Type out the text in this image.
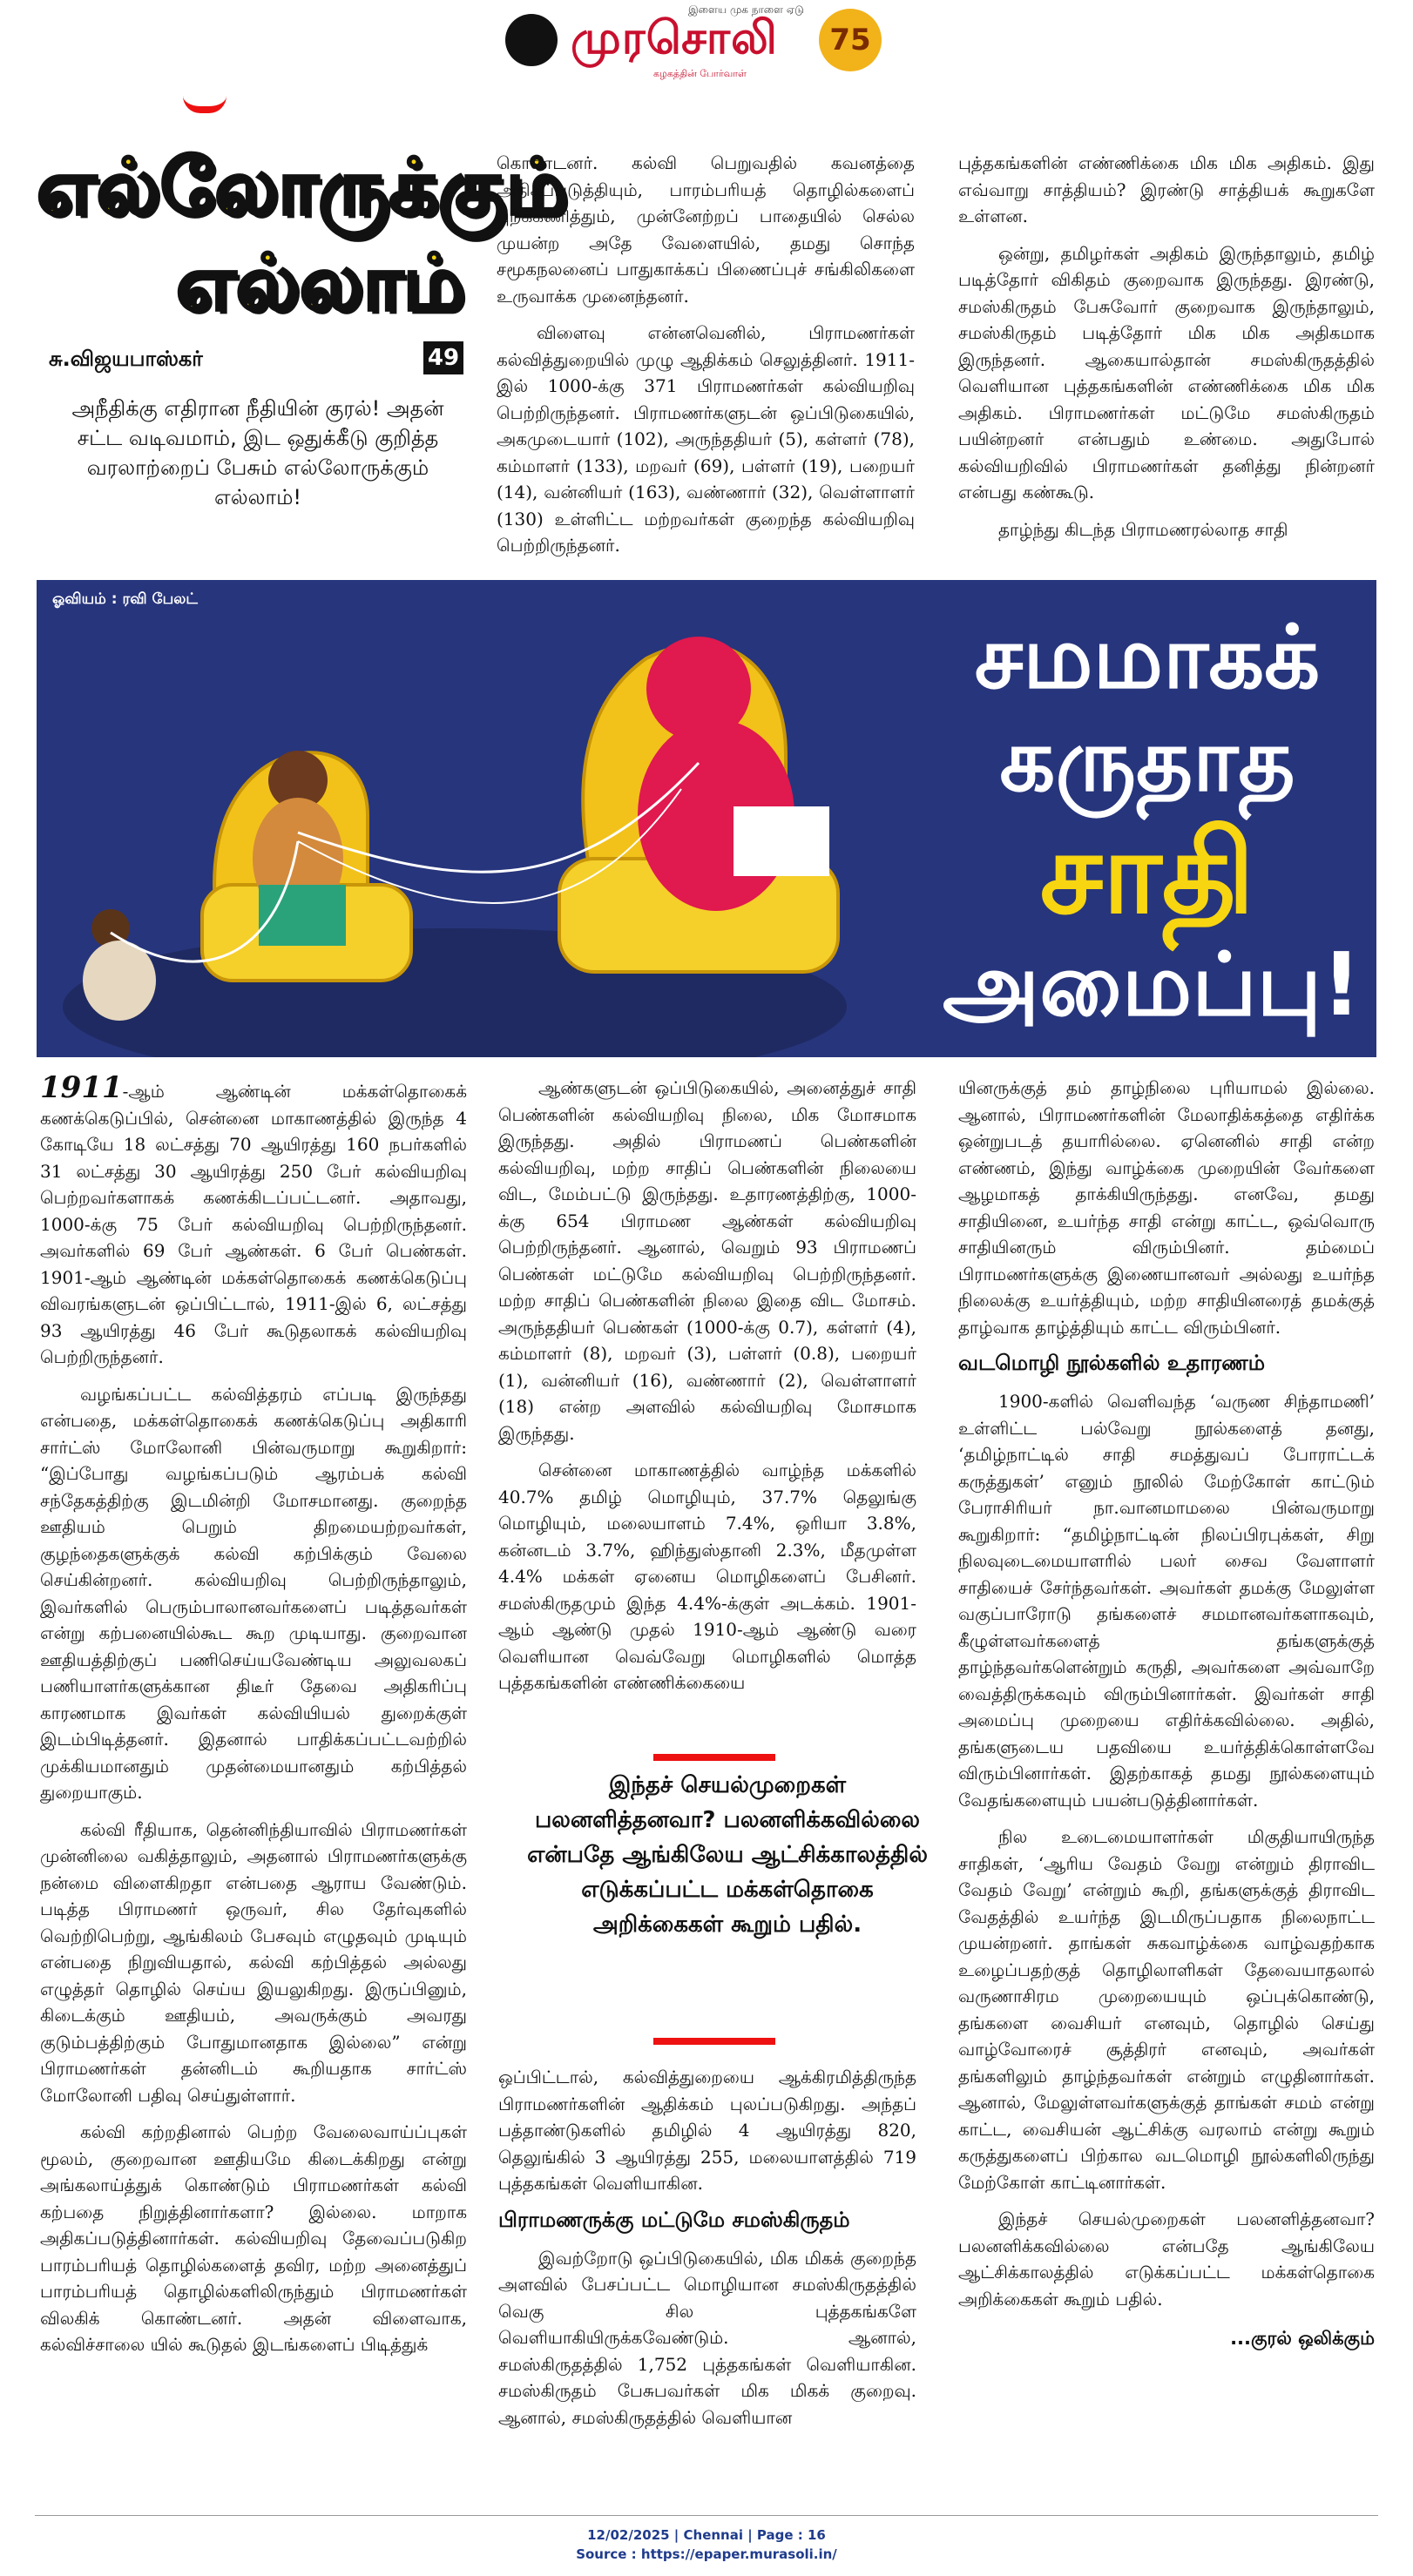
இளைய முக நாளை ஏடு
முரசொலி	75
கழகத்தின் போர்வாள்
எல்லோருக்கும்
எல்லாம்
சு.விஜயபாஸ்கர்	49
அநீதிக்கு எதிரான நீதியின் குரல்! அதன் சட்ட வடிவமாம், இட ஒதுக்கீடு குறித்த வரலாற்றைப் பேசும் எல்லோருக்கும் எல்லாம்!

கொண்டனர். கல்வி பெறுவதில் கவனத்தை அதிகப்படுத்தியும், பாரம்பரியத் தொழில்களைப் புறக்கணித்தும், முன்னேற்றப் பாதையில் செல்ல முயன்ற அதே வேளையில், தமது சொந்த சமூகநலனைப் பாதுகாக்கப் பிணைப்புச் சங்கிலிகளை உருவாக்க முனைந்தனர்.

விளைவு என்னவெனில், பிராமணர்கள் கல்வித்துறையில் முழு ஆதிக்கம் செலுத்தினர். 1911-இல் 1000-க்கு 371 பிராமணர்கள் கல்வியறிவு பெற்றிருந்தனர். பிராமணர்களுடன் ஒப்பிடுகையில், அகமுடையார் (102), அருந்ததியர் (5), கள்ளர் (78), கம்மாளர் (133), மறவர் (69), பள்ளர் (19), பறையர் (14), வன்னியர் (163), வண்ணார் (32), வெள்ளாளர் (130) உள்ளிட்ட மற்றவர்கள் குறைந்த கல்வியறிவு பெற்றிருந்தனர்.

புத்தகங்களின் எண்ணிக்கை மிக மிக அதிகம். இது எவ்வாறு சாத்தியம்? இரண்டு சாத்தியக் கூறுகளே உள்ளன.

ஒன்று, தமிழர்கள் அதிகம் இருந்தாலும், தமிழ் படித்தோர் விகிதம் குறைவாக இருந்தது. இரண்டு, சமஸ்கிருதம் பேசுவோர் குறைவாக இருந்தாலும், சமஸ்கிருதம் படித்தோர் மிக மிக அதிகமாக இருந்தனர். ஆகையால்தான் சமஸ்கிருதத்தில் வெளியான புத்தகங்களின் எண்ணிக்கை மிக மிக அதிகம். பிராமணர்கள் மட்டுமே சமஸ்கிருதம் பயின்றனர் என்பதும் உண்மை. அதுபோல் கல்வியறிவில் பிராமணர்கள் தனித்து நின்றனர் என்பது கண்கூடு.

தாழ்ந்து கிடந்த பிராமணரல்லாத சாதி

ஓவியம் : ரவி பேலட்
சமமாகக்
கருதாத
சாதி
அமைப்பு!

1911-ஆம் ஆண்டின் மக்கள்தொகைக் கணக்கெடுப்பில், சென்னை மாகாணத்தில் இருந்த 4 கோடியே 18 லட்சத்து 70 ஆயிரத்து 160 நபர்களில் 31 லட்சத்து 30 ஆயிரத்து 250 பேர் கல்வியறிவு பெற்றவர்களாகக் கணக்கிடப்பட்டனர். அதாவது, 1000-க்கு 75 பேர் கல்வியறிவு பெற்றிருந்தனர். அவர்களில் 69 பேர் ஆண்கள். 6 பேர் பெண்கள். 1901-ஆம் ஆண்டின் மக்கள்தொகைக் கணக்கெடுப்பு விவரங்களுடன் ஒப்பிட்டால், 1911-இல் 6, லட்சத்து 93 ஆயிரத்து 46 பேர் கூடுதலாகக் கல்வியறிவு பெற்றிருந்தனர்.

வழங்கப்பட்ட கல்வித்தரம் எப்படி இருந்தது என்பதை, மக்கள்தொகைக் கணக்கெடுப்பு அதிகாரி சார்ட்ஸ் மோலோனி பின்வருமாறு கூறுகிறார்: “இப்போது வழங்கப்படும் ஆரம்பக் கல்வி சந்தேகத்திற்கு இடமின்றி மோசமானது. குறைந்த ஊதியம் பெறும் திறமையற்றவர்கள், குழந்தைகளுக்குக் கல்வி கற்பிக்கும் வேலை செய்கின்றனர். கல்வியறிவு பெற்றிருந்தாலும், இவர்களில் பெரும்பாலானவர்களைப் படித்தவர்கள் என்று கற்பனையில்கூட கூற முடியாது. குறைவான ஊதியத்திற்குப் பணிசெய்யவேண்டிய அலுவலகப் பணியாளர்களுக்கான திடீர் தேவை அதிகரிப்பு காரணமாக இவர்கள் கல்வியியல் துறைக்குள் இடம்பிடித்தனர். இதனால் பாதிக்கப்பட்டவற்றில் முக்கியமானதும் முதன்மையானதும் கற்பித்தல் துறையாகும்.

கல்வி ரீதியாக, தென்னிந்தியாவில் பிராமணர்கள் முன்னிலை வகித்தாலும், அதனால் பிராமணர்களுக்கு நன்மை விளைகிறதா என்பதை ஆராய வேண்டும். படித்த பிராமணர் ஒருவர், சில தேர்வுகளில் வெற்றிபெற்று, ஆங்கிலம் பேசவும் எழுதவும் முடியும் என்பதை நிறுவியதால், கல்வி கற்பித்தல் அல்லது எழுத்தர் தொழில் செய்ய இயலுகிறது. இருப்பினும், கிடைக்கும் ஊதியம், அவருக்கும் அவரது குடும்பத்திற்கும் போதுமானதாக இல்லை” என்று பிராமணர்கள் தன்னிடம் கூறியதாக சார்ட்ஸ் மோலோனி பதிவு செய்துள்ளார்.

கல்வி கற்றதினால் பெற்ற வேலைவாய்ப்புகள் மூலம், குறைவான ஊதியமே கிடைக்கிறது என்று அங்கலாய்த்துக் கொண்டும் பிராமணர்கள் கல்வி கற்பதை நிறுத்தினார்களா? இல்லை. மாறாக அதிகப்படுத்தினார்கள். கல்வியறிவு தேவைப்படுகிற பாரம்பரியத் தொழில்களைத் தவிர, மற்ற அனைத்துப் பாரம்பரியத் தொழில்களிலிருந்தும் பிராமணர்கள் விலகிக் கொண்டனர். அதன் விளைவாக, கல்விச்சாலை யில் கூடுதல் இடங்களைப் பிடித்துக்

ஆண்களுடன் ஒப்பிடுகையில், அனைத்துச் சாதி பெண்களின் கல்வியறிவு நிலை, மிக மோசமாக இருந்தது. அதில் பிராமணப் பெண்களின் கல்வியறிவு, மற்ற சாதிப் பெண்களின் நிலையை விட, மேம்பட்டு இருந்தது. உதாரணத்திற்கு, 1000-க்கு 654 பிராமண ஆண்கள் கல்வியறிவு பெற்றிருந்தனர். ஆனால், வெறும் 93 பிராமணப் பெண்கள் மட்டுமே கல்வியறிவு பெற்றிருந்தனர். மற்ற சாதிப் பெண்களின் நிலை இதை விட மோசம். அருந்ததியர் பெண்கள் (1000-க்கு 0.7), கள்ளர் (4), கம்மாளர் (8), மறவர் (3), பள்ளர் (0.8), பறையர் (1), வன்னியர் (16), வண்ணார் (2), வெள்ளாளர் (18) என்ற அளவில் கல்வியறிவு மோசமாக இருந்தது.

சென்னை மாகாணத்தில் வாழ்ந்த மக்களில் 40.7% தமிழ் மொழியும், 37.7% தெலுங்கு மொழியும், மலையாளம் 7.4%, ஒரியா 3.8%, கன்னடம் 3.7%, ஹிந்துஸ்தானி 2.3%, மீதமுள்ள 4.4% மக்கள் ஏனைய மொழிகளைப் பேசினர். சமஸ்கிருதமும் இந்த 4.4%-க்குள் அடக்கம். 1901-ஆம் ஆண்டு முதல் 1910-ஆம் ஆண்டு வரை வெளியான வெவ்வேறு மொழிகளில் மொத்த புத்தகங்களின் எண்ணிக்கையை

இந்தச் செயல்முறைகள் பலனளித்தனவா? பலனளிக்கவில்லை என்பதே ஆங்கிலேய ஆட்சிக்காலத்தில் எடுக்கப்பட்ட மக்கள்தொகை அறிக்கைகள் கூறும் பதில்.

ஒப்பிட்டால், கல்வித்துறையை ஆக்கிரமித்திருந்த பிராமணர்களின் ஆதிக்கம் புலப்படுகிறது. அந்தப் பத்தாண்டுகளில் தமிழில் 4 ஆயிரத்து 820, தெலுங்கில் 3 ஆயிரத்து 255, மலையாளத்தில் 719 புத்தகங்கள் வெளியாகின.

பிராமணருக்கு மட்டுமே சமஸ்கிருதம்

இவற்றோடு ஒப்பிடுகையில், மிக மிகக் குறைந்த அளவில் பேசப்பட்ட மொழியான சமஸ்கிருதத்தில் வெகு சில புத்தகங்களே வெளியாகியிருக்கவேண்டும். ஆனால், சமஸ்கிருதத்தில் 1,752 புத்தகங்கள் வெளியாகின. சமஸ்கிருதம் பேசுபவர்கள் மிக மிகக் குறைவு. ஆனால், சமஸ்கிருதத்தில் வெளியான

யினருக்குத் தம் தாழ்நிலை புரியாமல் இல்லை. ஆனால், பிராமணர்களின் மேலாதிக்கத்தை எதிர்க்க ஒன்றுபடத் தயாரில்லை. ஏனெனில் சாதி என்ற எண்ணம், இந்து வாழ்க்கை முறையின் வேர்களை ஆழமாகத் தாக்கியிருந்தது. எனவே, தமது சாதியினை, உயர்ந்த சாதி என்று காட்ட, ஒவ்வொரு சாதியினரும் விரும்பினர். தம்மைப் பிராமணர்களுக்கு இணையானவர் அல்லது உயர்ந்த நிலைக்கு உயர்த்தியும், மற்ற சாதியினரைத் தமக்குத் தாழ்வாக தாழ்த்தியும் காட்ட விரும்பினர்.

வடமொழி நூல்களில் உதாரணம்

1900-களில் வெளிவந்த ‘வருண சிந்தாமணி’ உள்ளிட்ட பல்வேறு நூல்களைத் தனது, ‘தமிழ்நாட்டில் சாதி சமத்துவப் போராட்டக் கருத்துகள்’ எனும் நூலில் மேற்கோள் காட்டும் பேராசிரியர் நா.வானமாமலை பின்வருமாறு கூறுகிறார்: “தமிழ்நாட்டின் நிலப்பிரபுக்கள், சிறு நிலவுடைமையாளரில் பலர் சைவ வேளாளர் சாதியைச் சேர்ந்தவர்கள். அவர்கள் தமக்கு மேலுள்ள வகுப்பாரோடு தங்களைச் சமமானவர்களாகவும், கீழுள்ளவர்களைத் தங்களுக்குத் தாழ்ந்தவர்களென்றும் கருதி, அவர்களை அவ்வாறே வைத்திருக்கவும் விரும்பினார்கள். இவர்கள் சாதி அமைப்பு முறையை எதிர்க்கவில்லை. அதில், தங்களுடைய பதவியை உயர்த்திக்கொள்ளவே விரும்பினார்கள். இதற்காகத் தமது நூல்களையும் வேதங்களையும் பயன்படுத்தினார்கள்.

நில உடைமையாளர்கள் மிகுதியாயிருந்த சாதிகள், ‘ஆரிய வேதம் வேறு என்றும் திராவிட வேதம் வேறு’ என்றும் கூறி, தங்களுக்குத் திராவிட வேதத்தில் உயர்ந்த இடமிருப்பதாக நிலைநாட்ட முயன்றனர். தாங்கள் சுகவாழ்க்கை வாழ்வதற்காக உழைப்பதற்குத் தொழிலாளிகள் தேவையாதலால் வருணாசிரம முறையையும் ஒப்புக்கொண்டு, தங்களை வைசியர் எனவும், தொழில் செய்து வாழ்வோரைச் சூத்திரர் எனவும், அவர்கள் தங்களிலும் தாழ்ந்தவர்கள் என்றும் எழுதினார்கள். ஆனால், மேலுள்ளவர்களுக்குத் தாங்கள் சமம் என்று காட்ட, வைசியன் ஆட்சிக்கு வரலாம் என்று கூறும் கருத்துகளைப் பிற்கால வடமொழி நூல்களிலிருந்து மேற்கோள் காட்டினார்கள்.

இந்தச் செயல்முறைகள் பலனளித்தனவா? பலனளிக்கவில்லை என்பதே ஆங்கிலேய ஆட்சிக்காலத்தில் எடுக்கப்பட்ட மக்கள்தொகை அறிக்கைகள் கூறும் பதில்.

...குரல் ஒலிக்கும்

12/02/2025 | Chennai | Page : 16
Source : https://epaper.murasoli.in/
